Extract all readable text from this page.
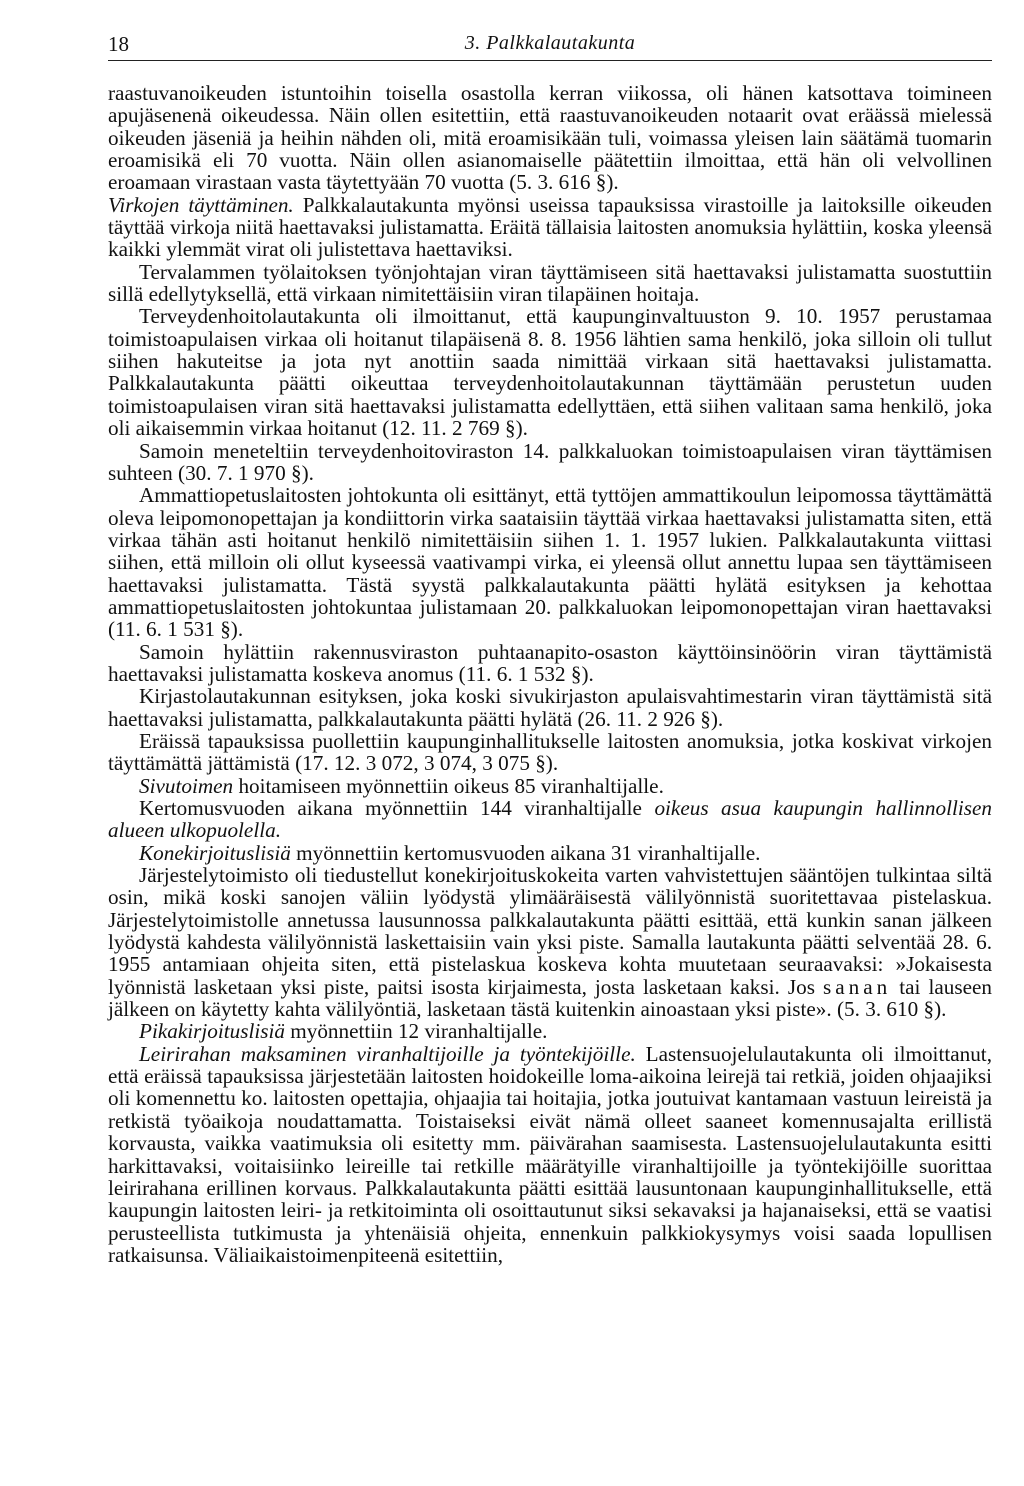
18	3. Palkkalautakunta

raastuvanoikeuden istuntoihin toisella osastolla kerran viikossa, oli hänen katsottava toimineen apujäsenenä oikeudessa. Näin ollen esitettiin, että raastuvanoikeuden notaarit ovat eräässä mielessä oikeuden jäseniä ja heihin nähden oli, mitä eroamisikään tuli, voimassa yleisen lain säätämä tuomarin eroamisikä eli 70 vuotta. Näin ollen asianomaiselle päätettiin ilmoittaa, että hän oli velvollinen eroamaan virastaan vasta täytettyään 70 vuotta (5. 3. 616 §).

Virkojen täyttäminen. Palkkalautakunta myönsi useissa tapauksissa virastoille ja laitoksille oikeuden täyttää virkoja niitä haettavaksi julistamatta. Eräitä tällaisia laitosten anomuksia hylättiin, koska yleensä kaikki ylemmät virat oli julistettava haettaviksi.

Tervalammen työlaitoksen työnjohtajan viran täyttämiseen sitä haettavaksi julistamatta suostuttiin sillä edellytyksellä, että virkaan nimitettäisiin viran tilapäinen hoitaja.

Terveydenhoitolautakunta oli ilmoittanut, että kaupunginvaltuuston 9. 10. 1957 perustamaa toimistoapulaisen virkaa oli hoitanut tilapäisenä 8. 8. 1956 lähtien sama henkilö, joka silloin oli tullut siihen hakuteitse ja jota nyt anottiin saada nimittää virkaan sitä haettavaksi julistamatta. Palkkalautakunta päätti oikeuttaa terveydenhoitolautakunnan täyttämään perustetun uuden toimistoapulaisen viran sitä haettavaksi julistamatta edellyttäen, että siihen valitaan sama henkilö, joka oli aikaisemmin virkaa hoitanut (12. 11. 2 769 §).

Samoin meneteltiin terveydenhoitoviraston 14. palkkaluokan toimistoapulaisen viran täyttämisen suhteen (30. 7. 1 970 §).

Ammattiopetuslaitosten johtokunta oli esittänyt, että tyttöjen ammattikoulun leipomossa täyttämättä oleva leipomonopettajan ja kondiittorin virka saataisiin täyttää virkaa haettavaksi julistamatta siten, että virkaa tähän asti hoitanut henkilö nimitettäisiin siihen 1. 1. 1957 lukien. Palkkalautakunta viittasi siihen, että milloin oli ollut kyseessä vaativampi virka, ei yleensä ollut annettu lupaa sen täyttämiseen haettavaksi julistamatta. Tästä syystä palkkalautakunta päätti hylätä esityksen ja kehottaa ammattiopetuslaitosten johtokuntaa julistamaan 20. palkkaluokan leipomonopettajan viran haettavaksi (11. 6. 1 531 §).

Samoin hylättiin rakennusviraston puhtaanapito-osaston käyttöinsinöörin viran täyttämistä haettavaksi julistamatta koskeva anomus (11. 6. 1 532 §).

Kirjastolautakunnan esityksen, joka koski sivukirjaston apulaisvahtimestarin viran täyttämistä sitä haettavaksi julistamatta, palkkalautakunta päätti hylätä (26. 11. 2 926 §).

Eräissä tapauksissa puollettiin kaupunginhallitukselle laitosten anomuksia, jotka koskivat virkojen täyttämättä jättämistä (17. 12. 3 072, 3 074, 3 075 §).

Sivutoimen hoitamiseen myönnettiin oikeus 85 viranhaltijalle.

Kertomusvuoden aikana myönnettiin 144 viranhaltijalle oikeus asua kaupungin hallinnollisen alueen ulkopuolella.

Konekirjoituslisiä myönnettiin kertomusvuoden aikana 31 viranhaltijalle.

Järjestelytoimisto oli tiedustellut konekirjoituskokeita varten vahvistettujen sääntöjen tulkintaa siltä osin, mikä koski sanojen väliin lyödystä ylimääräisestä välilyönnistä suoritettavaa pistelaskua. Järjestelytoimistolle annetussa lausunnossa palkkalautakunta päätti esittää, että kunkin sanan jälkeen lyödystä kahdesta välilyönnistä laskettaisiin vain yksi piste. Samalla lautakunta päätti selventää 28. 6. 1955 antamiaan ohjeita siten, että pistelaskua koskeva kohta muutetaan seuraavaksi: »Jokaisesta lyönnistä lasketaan yksi piste, paitsi isosta kirjaimesta, josta lasketaan kaksi. Jos sanan tai lauseen jälkeen on käytetty kahta välilyöntiä, lasketaan tästä kuitenkin ainoastaan yksi piste». (5. 3. 610 §).

Pikakirjoituslisiä myönnettiin 12 viranhaltijalle.

Leirirahan maksaminen viranhaltijoille ja työntekijöille. Lastensuojelulautakunta oli ilmoittanut, että eräissä tapauksissa järjestetään laitosten hoidokeille loma-aikoina leirejä tai retkiä, joiden ohjaajiksi oli komennettu ko. laitosten opettajia, ohjaajia tai hoitajia, jotka joutuivat kantamaan vastuun leireistä ja retkistä työaikoja noudattamatta. Toistaiseksi eivät nämä olleet saaneet komennusajalta erillistä korvausta, vaikka vaatimuksia oli esitetty mm. päivärahan saamisesta. Lastensuojelulautakunta esitti harkittavaksi, voitaisiinko leireille tai retkille määrätyille viranhaltijoille ja työntekijöille suorittaa leirirahana erillinen korvaus. Palkkalautakunta päätti esittää lausuntonaan kaupunginhallitukselle, että kaupungin laitosten leiri- ja retkitoiminta oli osoittautunut siksi sekavaksi ja hajanaiseksi, että se vaatisi perusteellista tutkimusta ja yhtenäisiä ohjeita, ennenkuin palkkiokysymys voisi saada lopullisen ratkaisunsa. Väliaikaistoimenpiteenä esitettiin,
